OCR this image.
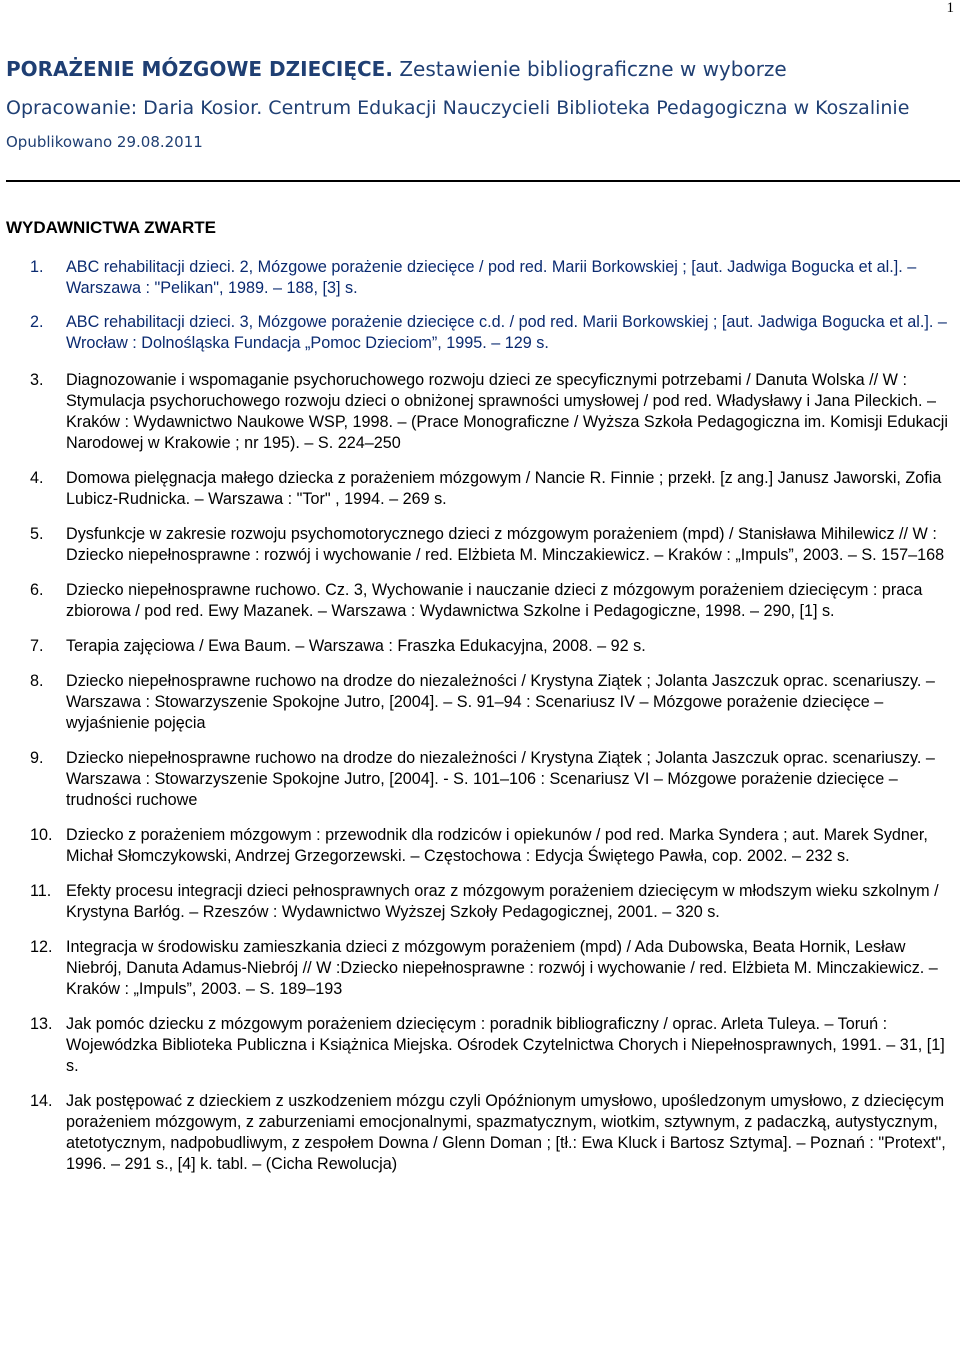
1
PORAŻENIE MÓZGOWE DZIECIĘCE. Zestawienie bibliograficzne w wyborze
Opracowanie: Daria Kosior. Centrum Edukacji Nauczycieli Biblioteka Pedagogiczna w Koszalinie
Opublikowano 29.08.2011
WYDAWNICTWA ZWARTE
1. ABC rehabilitacji dzieci. 2, Mózgowe porażenie dziecięce / pod red. Marii Borkowskiej ; [aut. Jadwiga Bogucka et al.]. – Warszawa : "Pelikan", 1989. – 188, [3] s.
2. ABC rehabilitacji dzieci. 3, Mózgowe porażenie dziecięce c.d. / pod red. Marii Borkowskiej ; [aut. Jadwiga Bogucka et al.]. – Wrocław : Dolnośląska Fundacja „Pomoc Dzieciom”, 1995. – 129 s.
3. Diagnozowanie i wspomaganie psychoruchowego rozwoju dzieci ze specyficznymi potrzebami / Danuta Wolska // W : Stymulacja psychoruchowego rozwoju dzieci o obniżonej sprawności umysłowej / pod red. Władysławy i Jana Pileckich. – Kraków : Wydawnictwo Naukowe WSP, 1998. – (Prace Monograficzne / Wyższa Szkoła Pedagogiczna im. Komisji Edukacji Narodowej w Krakowie ; nr 195). – S. 224–250
4. Domowa pielęgnacja małego dziecka z porażeniem mózgowym / Nancie R. Finnie ; przekł. [z ang.] Janusz Jaworski, Zofia Lubicz-Rudnicka. – Warszawa : "Tor" , 1994. – 269 s.
5. Dysfunkcje w zakresie rozwoju psychomotorycznego dzieci z mózgowym porażeniem (mpd) / Stanisława Mihilewicz // W : Dziecko niepełnosprawne : rozwój i wychowanie / red. Elżbieta M. Minczakiewicz. – Kraków : „Impuls”, 2003. – S. 157–168
6. Dziecko niepełnosprawne ruchowo. Cz. 3, Wychowanie i nauczanie dzieci z mózgowym porażeniem dziecięcym : praca zbiorowa / pod red. Ewy Mazanek. – Warszawa : Wydawnictwa Szkolne i Pedagogiczne, 1998. – 290, [1] s.
7. Terapia zajęciowa / Ewa Baum. – Warszawa : Fraszka Edukacyjna, 2008. – 92 s.
8. Dziecko niepełnosprawne ruchowo na drodze do niezależności / Krystyna Ziątek ; Jolanta Jaszczuk oprac. scenariuszy. – Warszawa : Stowarzyszenie Spokojne Jutro, [2004]. – S. 91–94 : Scenariusz IV – Mózgowe porażenie dziecięce – wyjaśnienie pojęcia
9. Dziecko niepełnosprawne ruchowo na drodze do niezależności / Krystyna Ziątek ; Jolanta Jaszczuk oprac. scenariuszy. – Warszawa : Stowarzyszenie Spokojne Jutro, [2004]. - S. 101–106 : Scenariusz VI – Mózgowe porażenie dziecięce – trudności ruchowe
10. Dziecko z porażeniem mózgowym : przewodnik dla rodziców i opiekunów / pod red. Marka Syndera ; aut. Marek Sydner, Michał Słomczykowski, Andrzej Grzegorzewski. – Częstochowa : Edycja Świętego Pawła, cop. 2002. – 232 s.
11. Efekty procesu integracji dzieci pełnosprawnych oraz z mózgowym porażeniem dziecięcym w młodszym wieku szkolnym / Krystyna Barłóg. – Rzeszów : Wydawnictwo Wyższej Szkoły Pedagogicznej, 2001. – 320 s.
12. Integracja w środowisku zamieszkania dzieci z mózgowym porażeniem (mpd) / Ada Dubowska, Beata Hornik, Lesław Niebrój, Danuta Adamus-Niebrój // W :Dziecko niepełnosprawne : rozwój i wychowanie / red. Elżbieta M. Minczakiewicz. – Kraków : „Impuls”, 2003. – S. 189–193
13. Jak pomóc dziecku z mózgowym porażeniem dziecięcym : poradnik bibliograficzny / oprac. Arleta Tuleya. – Toruń : Wojewódzka Biblioteka Publiczna i Książnica Miejska. Ośrodek Czytelnictwa Chorych i Niepełnosprawnych, 1991. – 31, [1] s.
14. Jak postępować z dzieckiem z uszkodzeniem mózgu czyli Opóźnionym umysłowo, upośledzonym umysłowo, z dziecięcym porażeniem mózgowym, z zaburzeniami emocjonalnymi, spazmatycznym, wiotkim, sztywnym, z padaczką, autystycznym, atetotycznym, nadpobudliwym, z zespołem Downa / Glenn Doman ; [tł.: Ewa Kluck i Bartosz Sztyma]. – Poznań : "Protext", 1996. – 291 s., [4] k. tabl. – (Cicha Rewolucja)
